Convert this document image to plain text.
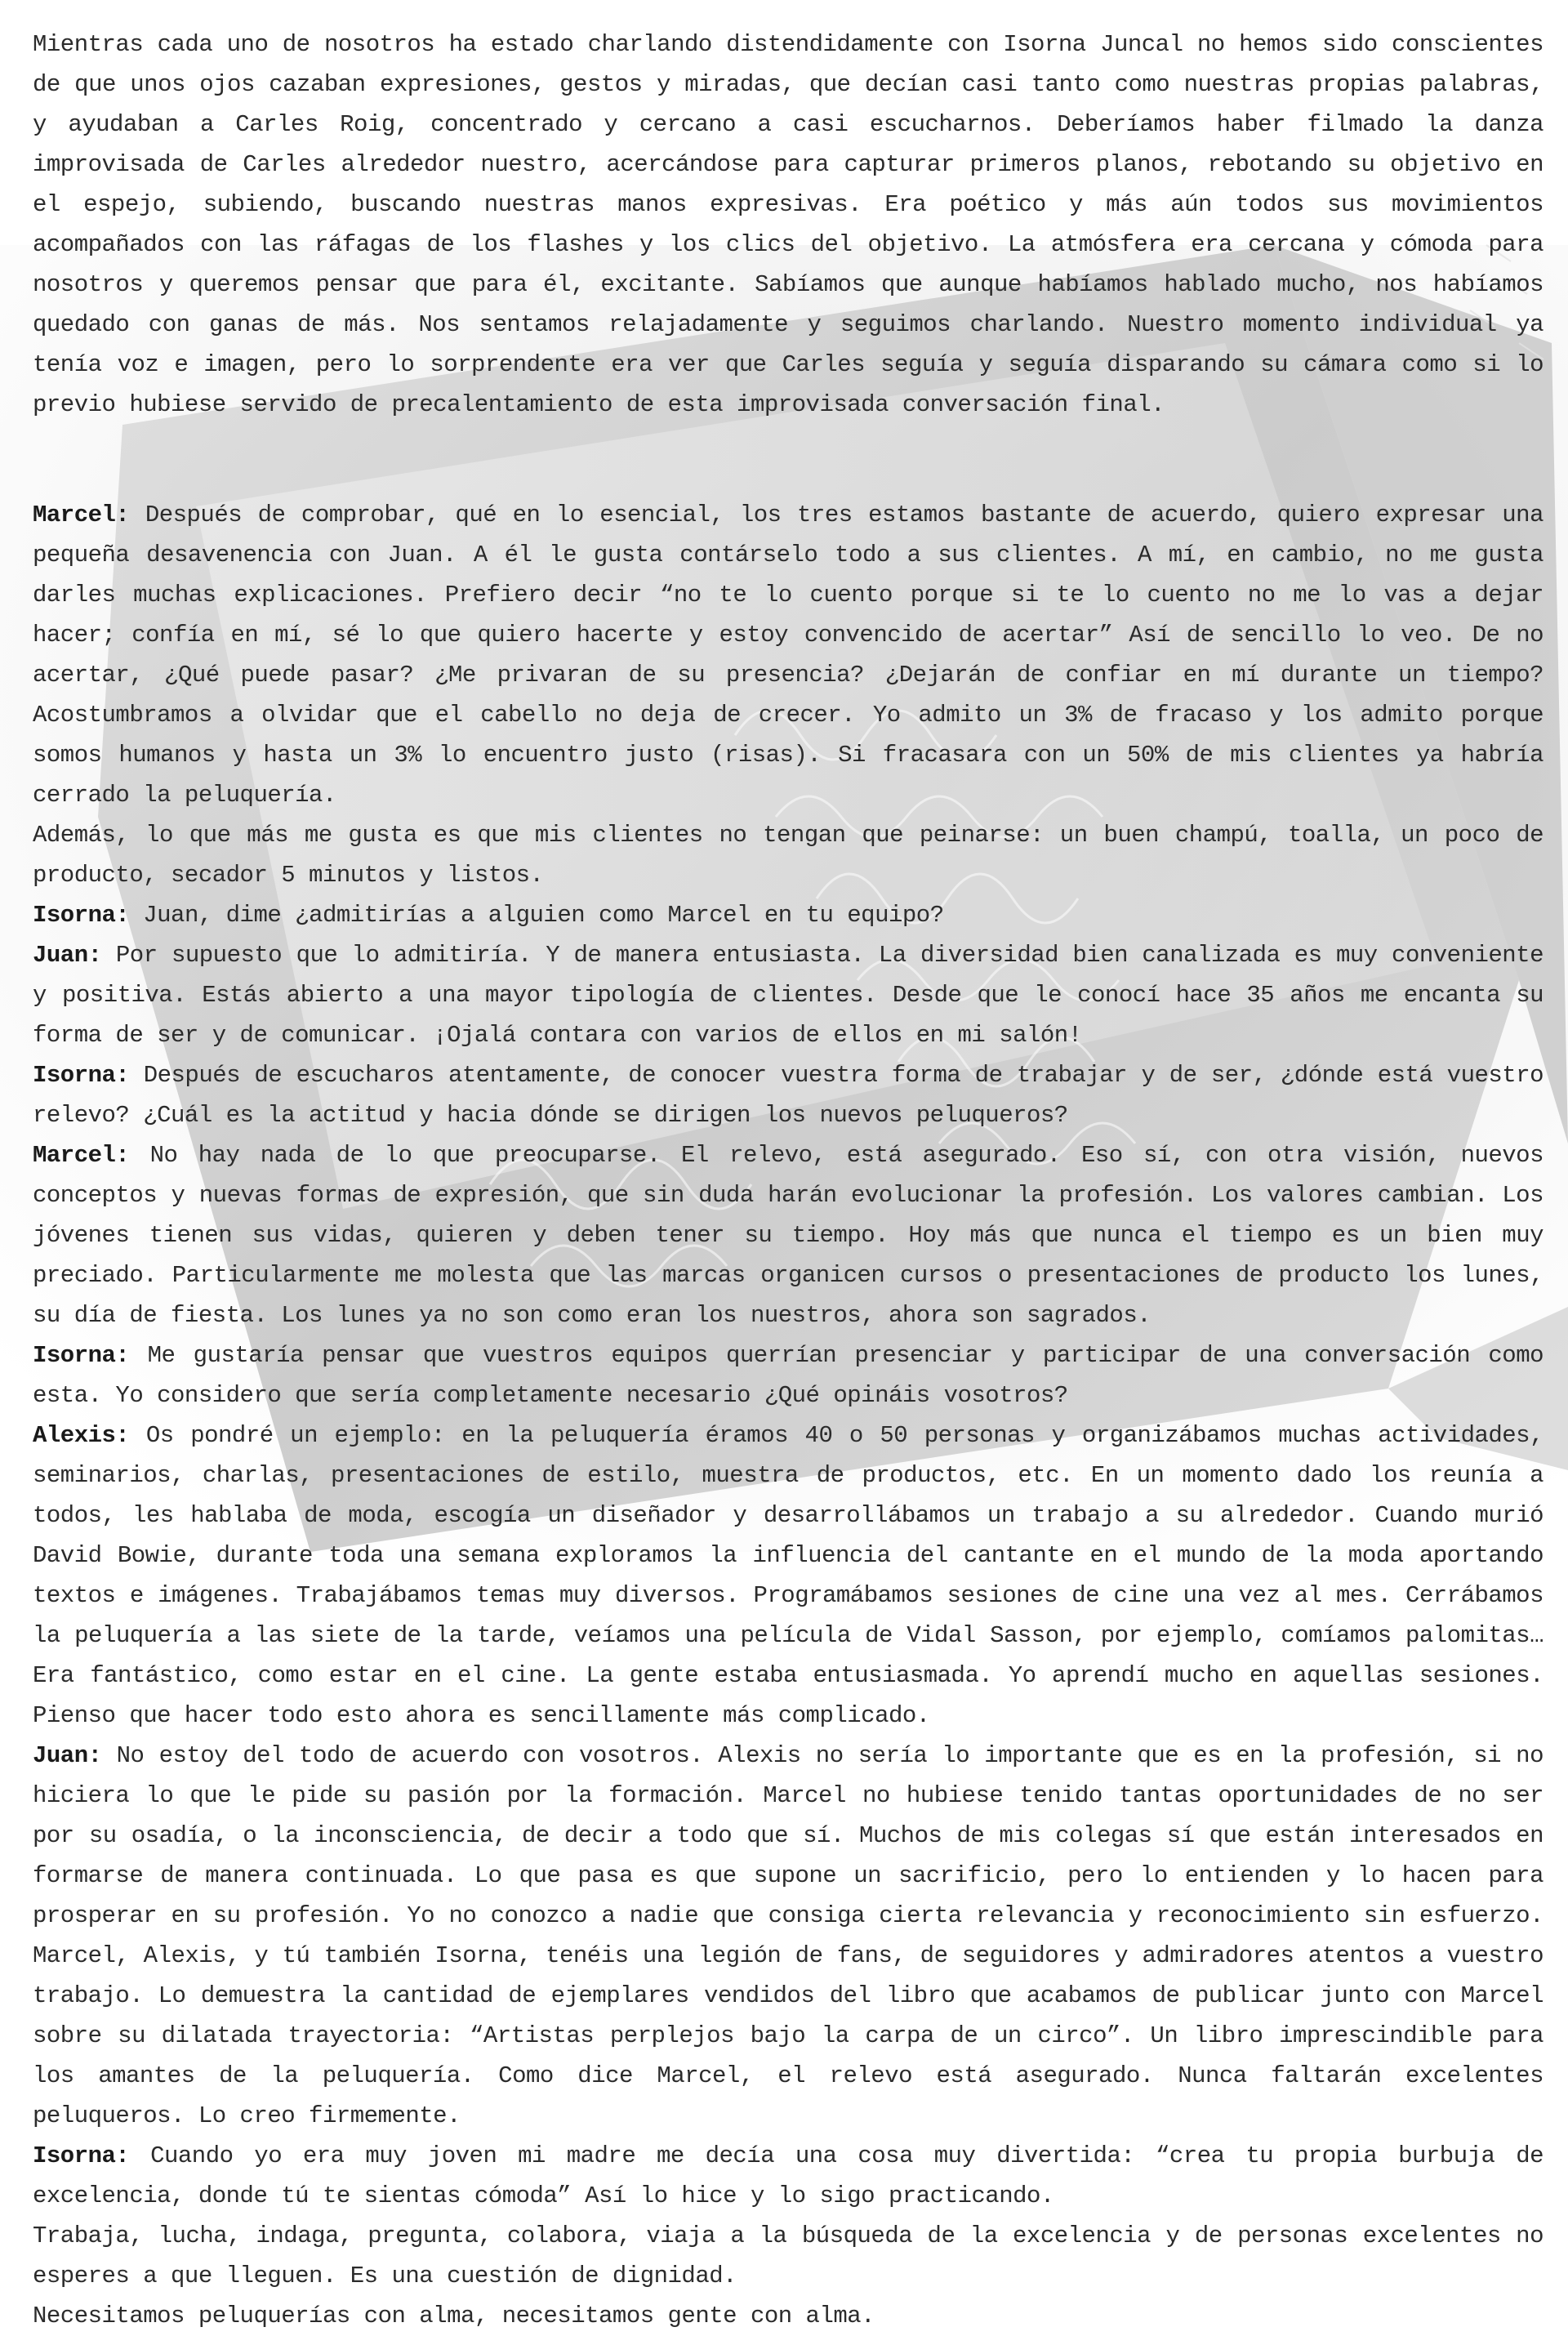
Mientras cada uno de nosotros ha estado charlando distendidamente con Isorna Juncal no hemos sido conscientes de que unos ojos cazaban expresiones, gestos y miradas, que decían casi tanto como nuestras propias palabras, y ayudaban a Carles Roig, concentrado y cercano a casi escucharnos. Deberíamos haber filmado la danza improvisada de Carles alrededor nuestro, acercándose para capturar primeros planos, rebotando su objetivo en el espejo, subiendo, buscando nuestras manos expresivas. Era poético y más aún todos sus movimientos acompañados con las ráfagas de los flashes y los clics del objetivo. La atmósfera era cercana y cómoda para nosotros y queremos pensar que para él, excitante. Sabíamos que aunque habíamos hablado mucho, nos habíamos quedado con ganas de más. Nos sentamos relajadamente y seguimos charlando. Nuestro momento individual ya tenía voz e imagen, pero lo sorprendente era ver que Carles seguía y seguía disparando su cámara como si lo previo hubiese servido de precalentamiento de esta improvisada conversación final.

Marcel: Después de comprobar, qué en lo esencial, los tres estamos bastante de acuerdo, quiero expresar una pequeña desavenencia con Juan. A él le gusta contárselo todo a sus clientes. A mí, en cambio, no me gusta darles muchas explicaciones. Prefiero decir “no te lo cuento porque si te lo cuento no me lo vas a dejar hacer; confía en mí, sé lo que quiero hacerte y estoy convencido de acertar” Así de sencillo lo veo. De no acertar, ¿Qué puede pasar? ¿Me privaran de su presencia? ¿Dejarán de confiar en mí durante un tiempo? Acostumbramos a olvidar que el cabello no deja de crecer. Yo admito un 3% de fracaso y los admito porque somos humanos y hasta un 3% lo encuentro justo (risas). Si fracasara con un 50% de mis clientes ya habría cerrado la peluquería.

Además, lo que más me gusta es que mis clientes no tengan que peinarse: un buen champú, toalla, un poco de producto, secador 5 minutos y listos.

Isorna: Juan, dime ¿admitirías a alguien como Marcel en tu equipo?

Juan: Por supuesto que lo admitiría. Y de manera entusiasta. La diversidad bien canalizada es muy conveniente y positiva. Estás abierto a una mayor tipología de clientes. Desde que le conocí hace 35 años me encanta su forma de ser y de comunicar. ¡Ojalá contara con varios de ellos en mi salón!

Isorna: Después de escucharos atentamente, de conocer vuestra forma de trabajar y de ser, ¿dónde está vuestro relevo? ¿Cuál es la actitud y hacia dónde se dirigen los nuevos peluqueros?

Marcel: No hay nada de lo que preocuparse. El relevo, está asegurado. Eso sí, con otra visión, nuevos conceptos y nuevas formas de expresión, que sin duda harán evolucionar la profesión. Los valores cambian. Los jóvenes tienen sus vidas, quieren y deben tener su tiempo. Hoy más que nunca el tiempo es un bien muy preciado. Particularmente me molesta que las marcas organicen cursos o presentaciones de producto los lunes, su día de fiesta. Los lunes ya no son como eran los nuestros, ahora son sagrados.

Isorna: Me gustaría pensar que vuestros equipos querrían presenciar y participar de una conversación como esta. Yo considero que sería completamente necesario ¿Qué opináis vosotros?

Alexis: Os pondré un ejemplo: en la peluquería éramos 40 o 50 personas y organizábamos muchas actividades, seminarios, charlas, presentaciones de estilo, muestra de productos, etc. En un momento dado los reunía a todos, les hablaba de moda, escogía un diseñador y desarrollábamos un trabajo a su alrededor. Cuando murió David Bowie, durante toda una semana exploramos la influencia del cantante en el mundo de la moda aportando textos e imágenes. Trabajábamos temas muy diversos. Programábamos sesiones de cine una vez al mes. Cerrábamos la peluquería a las siete de la tarde, veíamos una película de Vidal Sasson, por ejemplo, comíamos palomitas…Era fantástico, como estar en el cine. La gente estaba entusiasmada. Yo aprendí mucho en aquellas sesiones. Pienso que hacer todo esto ahora es sencillamente más complicado.

Juan: No estoy del todo de acuerdo con vosotros. Alexis no sería lo importante que es en la profesión, si no hiciera lo que le pide su pasión por la formación. Marcel no hubiese tenido tantas oportunidades de no ser por su osadía, o la inconsciencia, de decir a todo que sí. Muchos de mis colegas sí que están interesados en formarse de manera continuada. Lo que pasa es que supone un sacrificio, pero lo entienden y lo hacen para prosperar en su profesión. Yo no conozco a nadie que consiga cierta relevancia y reconocimiento sin esfuerzo. Marcel, Alexis, y tú también Isorna, tenéis una legión de fans, de seguidores y admiradores atentos a vuestro trabajo. Lo demuestra la cantidad de ejemplares vendidos del libro que acabamos de publicar junto con Marcel sobre su dilatada trayectoria: “Artistas perplejos bajo la carpa de un circo”. Un libro imprescindible para los amantes de la peluquería. Como dice Marcel, el relevo está asegurado. Nunca faltarán excelentes peluqueros. Lo creo firmemente.

Isorna: Cuando yo era muy joven mi madre me decía una cosa muy divertida: “crea tu propia burbuja de excelencia, donde tú te sientas cómoda” Así lo hice y lo sigo practicando.

Trabaja, lucha, indaga, pregunta, colabora, viaja a la búsqueda de la excelencia y de personas excelentes no esperes a que lleguen. Es una cuestión de dignidad.

Necesitamos peluquerías con alma, necesitamos gente con alma.
